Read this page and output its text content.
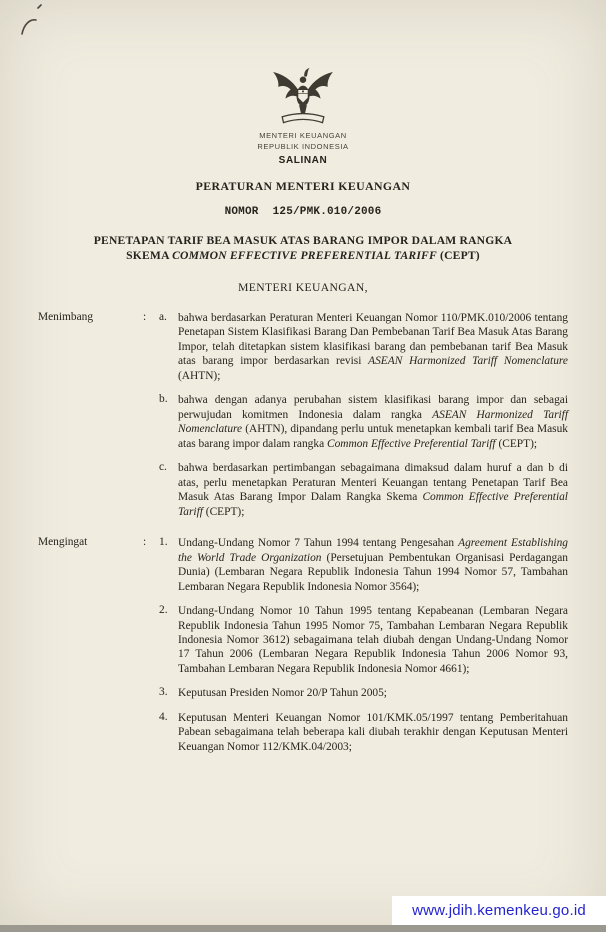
MENTERI KEUANGAN
REPUBLIK INDONESIA
SALINAN
PERATURAN MENTERI KEUANGAN
NOMOR 125/PMK.010/2006
PENETAPAN TARIF BEA MASUK ATAS BARANG IMPOR DALAM RANGKA
SKEMA COMMON EFFECTIVE PREFERENTIAL TARIFF (CEPT)
MENTERI KEUANGAN,
Menimbang	:	a. bahwa berdasarkan Peraturan Menteri Keuangan Nomor 110/PMK.010/2006 tentang Penetapan Sistem Klasifikasi Barang Dan Pembebanan Tarif Bea Masuk Atas Barang Impor, telah ditetapkan sistem klasifikasi barang dan pembebanan tarif Bea Masuk atas barang impor berdasarkan revisi ASEAN Harmonized Tariff Nomenclature (AHTN);
b. bahwa dengan adanya perubahan sistem klasifikasi barang impor dan sebagai perwujudan komitmen Indonesia dalam rangka ASEAN Harmonized Tariff Nomenclature (AHTN), dipandang perlu untuk menetapkan kembali tarif Bea Masuk atas barang impor dalam rangka Common Effective Preferential Tariff (CEPT);
c. bahwa berdasarkan pertimbangan sebagaimana dimaksud dalam huruf a dan b di atas, perlu menetapkan Peraturan Menteri Keuangan tentang Penetapan Tarif Bea Masuk Atas Barang Impor Dalam Rangka Skema Common Effective Preferential Tariff (CEPT);
Mengingat	:	1. Undang-Undang Nomor 7 Tahun 1994 tentang Pengesahan Agreement Establishing the World Trade Organization (Persetujuan Pembentukan Organisasi Perdagangan Dunia) (Lembaran Negara Republik Indonesia Tahun 1994 Nomor 57, Tambahan Lembaran Negara Republik Indonesia Nomor 3564);
2. Undang-Undang Nomor 10 Tahun 1995 tentang Kepabeanan (Lembaran Negara Republik Indonesia Tahun 1995 Nomor 75, Tambahan Lembaran Negara Republik Indonesia Nomor 3612) sebagaimana telah diubah dengan Undang-Undang Nomor 17 Tahun 2006 (Lembaran Negara Republik Indonesia Tahun 2006 Nomor 93, Tambahan Lembaran Negara Republik Indonesia Nomor 4661);
3. Keputusan Presiden Nomor 20/P Tahun 2005;
4. Keputusan Menteri Keuangan Nomor 101/KMK.05/1997 tentang Pemberitahuan Pabean sebagaimana telah beberapa kali diubah terakhir dengan Keputusan Menteri Keuangan Nomor 112/KMK.04/2003;
www.jdih.kemenkeu.go.id
